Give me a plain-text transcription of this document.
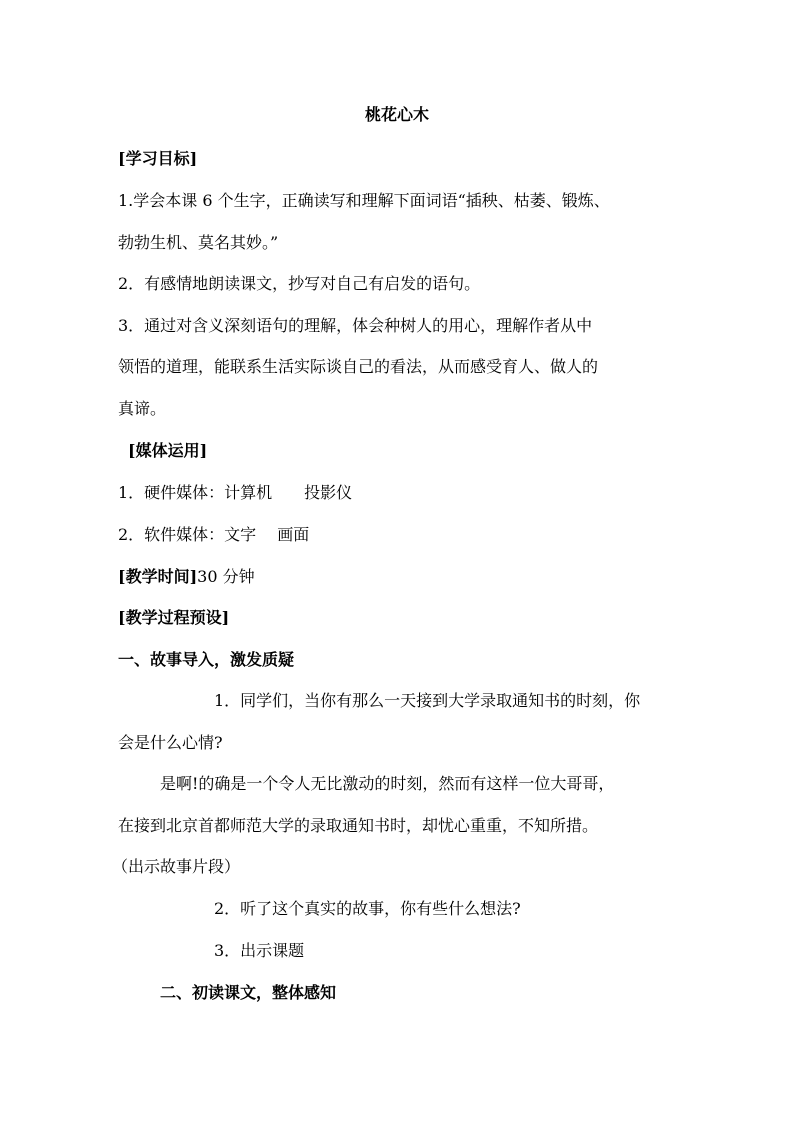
桃花心木

[学习目标]

1.学会本课 6 个生字，正确读写和理解下面词语“插秧、枯萎、锻炼、

勃勃生机、莫名其妙。”

2．有感情地朗读课文，抄写对自己有启发的语句。

3．通过对含义深刻语句的理解，体会种树人的用心，理解作者从中

领悟的道理，能联系生活实际谈自己的看法，从而感受育人、做人的

真谛。

[媒体运用]

1．硬件媒体：计算机　　投影仪

2．软件媒体：文字　 画面

[教学时间]30 分钟

[教学过程预设]

一、故事导入，激发质疑

1．同学们，当你有那么一天接到大学录取通知书的时刻，你

会是什么心情?

是啊!的确是一个令人无比激动的时刻，然而有这样一位大哥哥，

在接到北京首都师范大学的录取通知书时，却忧心重重，不知所措。

（出示故事片段）

2．听了这个真实的故事，你有些什么想法?

3．出示课题

二、初读课文，整体感知
